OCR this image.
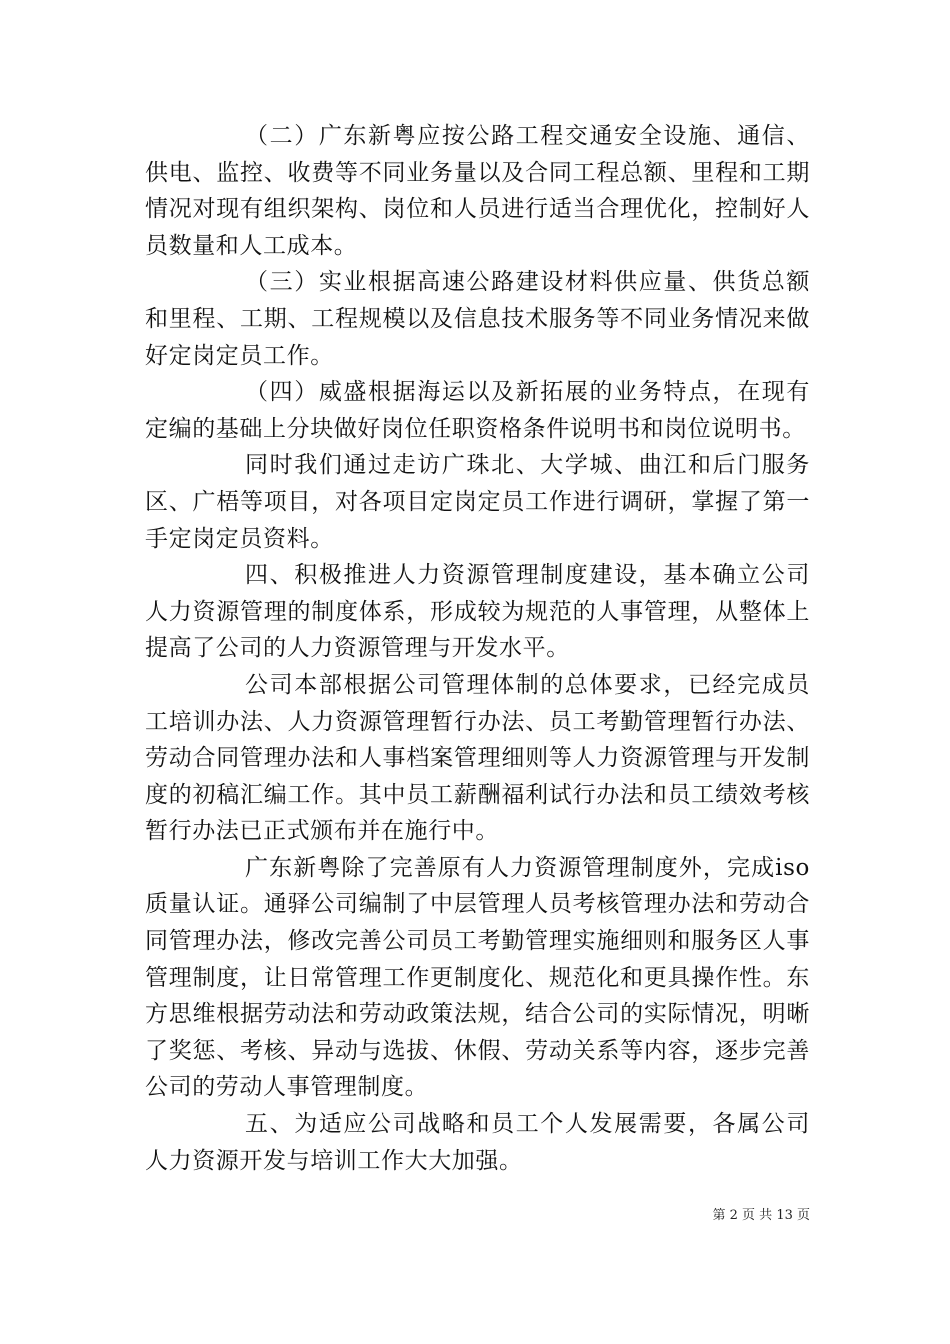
（二）广东新粤应按公路工程交通安全设施、通信、供电、监控、收费等不同业务量以及合同工程总额、里程和工期情况对现有组织架构、岗位和人员进行适当合理优化，控制好人员数量和人工成本。

（三）实业根据高速公路建设材料供应量、供货总额和里程、工期、工程规模以及信息技术服务等不同业务情况来做好定岗定员工作。

（四）威盛根据海运以及新拓展的业务特点，在现有定编的基础上分块做好岗位任职资格条件说明书和岗位说明书。

同时我们通过走访广珠北、大学城、曲江和后门服务区、广梧等项目，对各项目定岗定员工作进行调研，掌握了第一手定岗定员资料。

四、积极推进人力资源管理制度建设，基本确立公司人力资源管理的制度体系，形成较为规范的人事管理，从整体上提高了公司的人力资源管理与开发水平。

公司本部根据公司管理体制的总体要求，已经完成员工培训办法、人力资源管理暂行办法、员工考勤管理暂行办法、劳动合同管理办法和人事档案管理细则等人力资源管理与开发制度的初稿汇编工作。其中员工薪酬福利试行办法和员工绩效考核暂行办法已正式颁布并在施行中。

广东新粤除了完善原有人力资源管理制度外，完成iso质量认证。通驿公司编制了中层管理人员考核管理办法和劳动合同管理办法，修改完善公司员工考勤管理实施细则和服务区人事管理制度，让日常管理工作更制度化、规范化和更具操作性。东方思维根据劳动法和劳动政策法规，结合公司的实际情况，明晰了奖惩、考核、异动与选拔、休假、劳动关系等内容，逐步完善公司的劳动人事管理制度。

五、为适应公司战略和员工个人发展需要，各属公司人力资源开发与培训工作大大加强。

第 2 页 共 13 页
